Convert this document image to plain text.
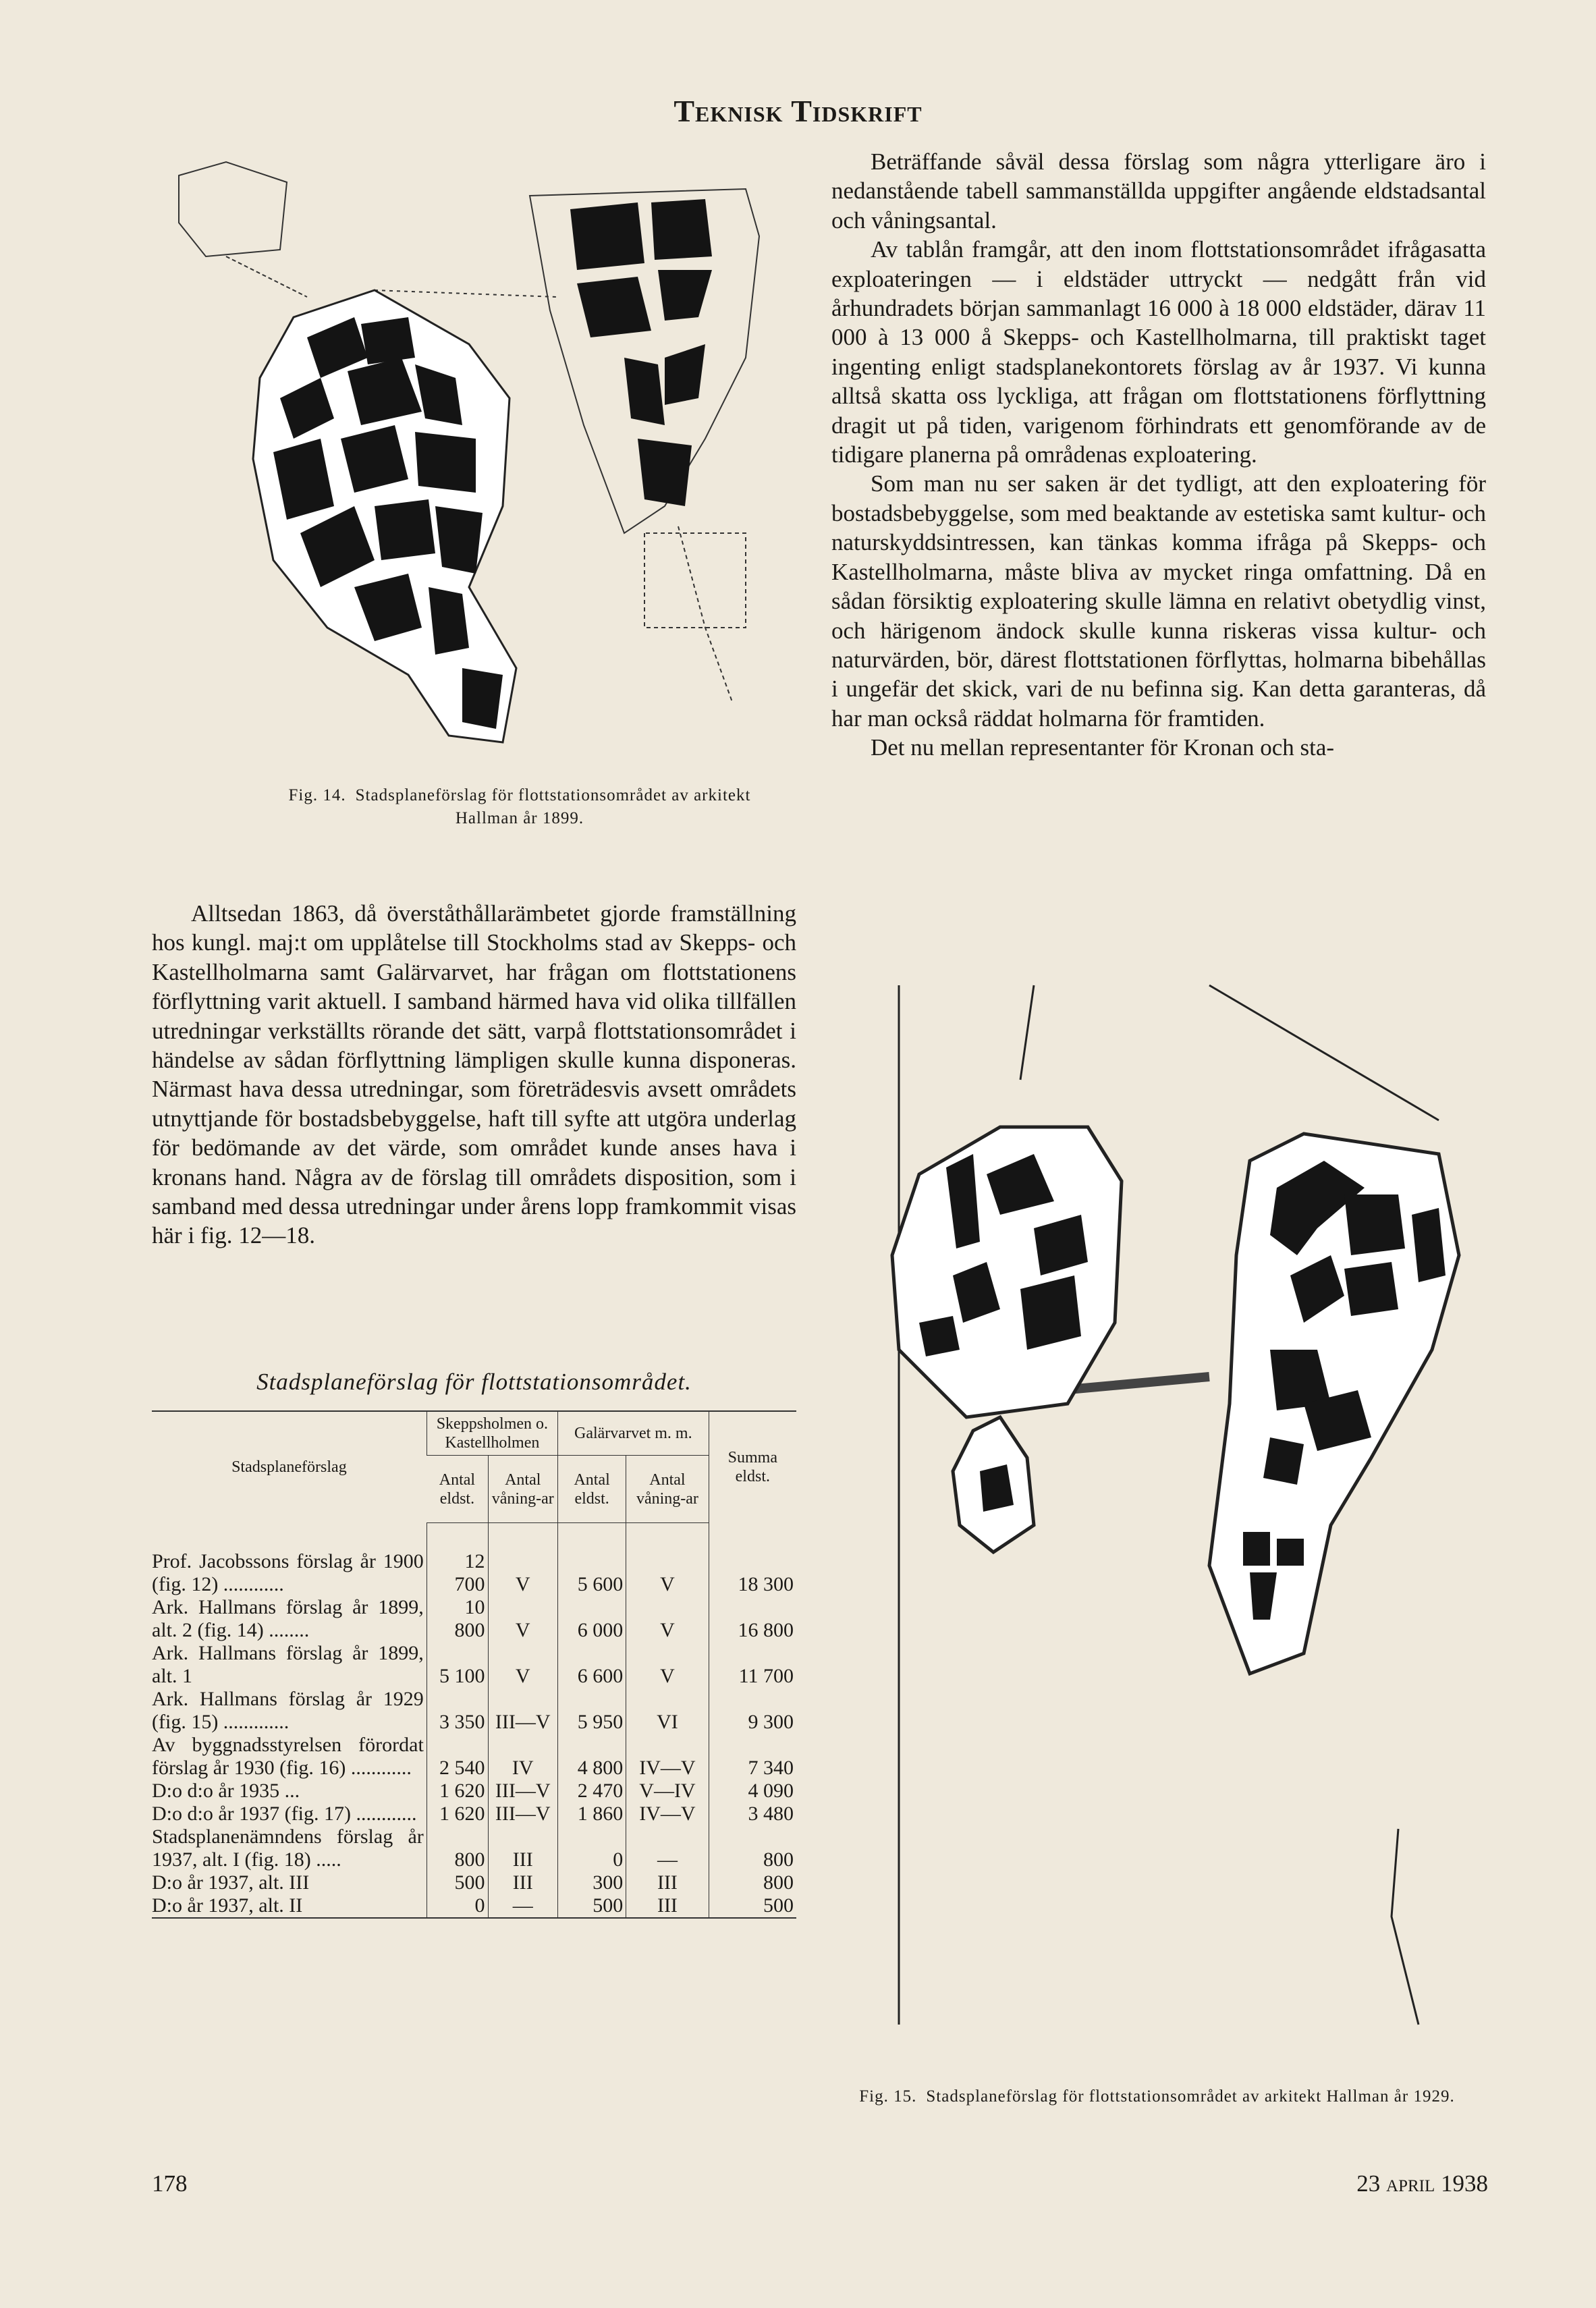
Teknisk Tidskrift
Fig. 14. Stadsplaneförslag för flottstationsområdet av arkitekt Hallman år 1899.

Alltsedan 1863, då överståthållarämbetet gjorde framställning hos kungl. maj:t om upplåtelse till Stockholms stad av Skepps- och Kastellholmarna samt Galärvarvet, har frågan om flottstationens förflyttning varit aktuell. I samband härmed hava vid olika tillfällen utredningar verkställts rörande det sätt, varpå flottstationsområdet i händelse av sådan förflyttning lämpligen skulle kunna disponeras. Närmast hava dessa utredningar, som företrädesvis avsett områdets utnyttjande för bostadsbebyggelse, haft till syfte att utgöra underlag för bedömande av det värde, som området kunde anses hava i kronans hand. Några av de förslag till områdets disposition, som i samband med dessa utredningar under årens lopp framkommit visas här i fig. 12—18.

Stadsplaneförslag för flottstationsområdet.
Stadsplaneförslag	Skeppsholmen o. Kastellholmen		Galärvarvet m. m.		Summa eldst.
	Antal eldst.	Antal våning-ar	Antal eldst.	Antal våning-ar	

Prof. Jacobssons förslag år 1900 (fig. 12) ............	12 700	V	5 600	V	18 300
Ark. Hallmans förslag år 1899, alt. 2 (fig. 14) ........	10 800	V	6 000	V	16 800
Ark. Hallmans förslag år 1899, alt. 1	5 100	V	6 600	V	11 700
Ark. Hallmans förslag år 1929 (fig. 15) .............	3 350	III—V	5 950	VI	9 300
Av byggnadsstyrelsen förordat förslag år 1930 (fig. 16) ............	2 540	IV	4 800	IV—V	7 340
D:o d:o år 1935 ...	1 620	III—V	2 470	V—IV	4 090
D:o d:o år 1937 (fig. 17) ............	1 620	III—V	1 860	IV—V	3 480
Stadsplanenämndens förslag år 1937, alt. I (fig. 18) .....	800	III	0	—	800
D:o år 1937, alt. III	500	III	300	III	800
D:o år 1937, alt. II	0	—	500	III	500

Beträffande såväl dessa förslag som några ytterligare äro i nedanstående tabell sammanställda uppgifter angående eldstadsantal och våningsantal.

Av tablån framgår, att den inom flottstationsområdet ifrågasatta exploateringen — i eldstäder uttryckt — nedgått från vid århundradets början sammanlagt 16 000 à 18 000 eldstäder, därav 11 000 à 13 000 å Skepps- och Kastellholmarna, till praktiskt taget ingenting enligt stadsplanekontorets förslag av år 1937. Vi kunna alltså skatta oss lyckliga, att frågan om flottstationens förflyttning dragit ut på tiden, varigenom förhindrats ett genomförande av de tidigare planerna på områdenas exploatering.

Som man nu ser saken är det tydligt, att den exploatering för bostadsbebyggelse, som med beaktande av estetiska samt kultur- och naturskyddsintressen, kan tänkas komma ifråga på Skepps- och Kastellholmarna, måste bliva av mycket ringa omfattning. Då en sådan försiktig exploatering skulle lämna en relativt obetydlig vinst, och härigenom ändock skulle kunna riskeras vissa kultur- och naturvärden, bör, därest flottstationen förflyttas, holmarna bibehållas i ungefär det skick, vari de nu befinna sig. Kan detta garanteras, då har man också räddat holmarna för framtiden.

Det nu mellan representanter för Kronan och sta-

Fig. 15. Stadsplaneförslag för flottstationsområdet av arkitekt Hallman år 1929.
178	23 april 1938
